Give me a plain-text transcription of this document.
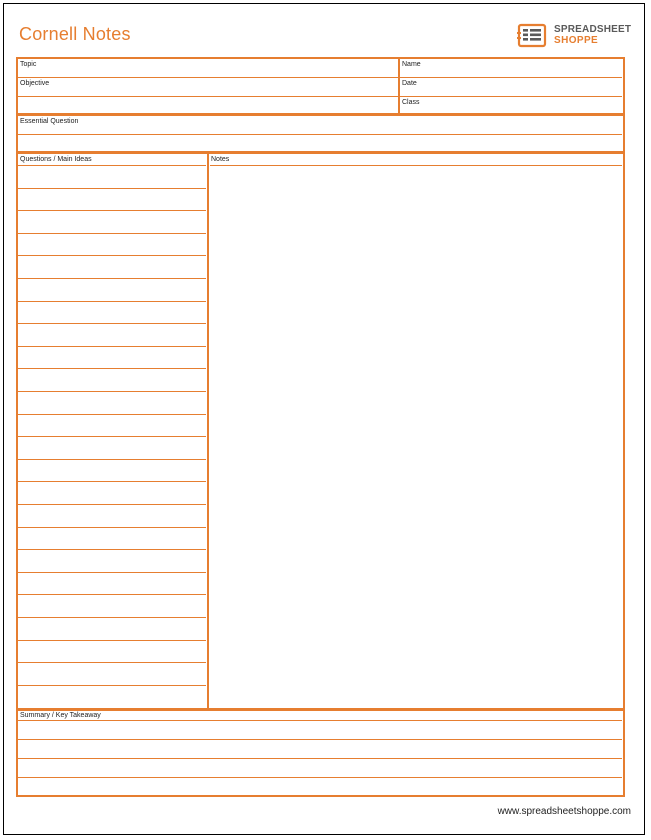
Cornell Notes	SPREADSHEET
SHOPPE
Topic
Objective
Name
Date
Class
Essential Question
Questions / Main Ideas	Notes
Summary / Key Takeaway
www.spreadsheetshoppe.com
